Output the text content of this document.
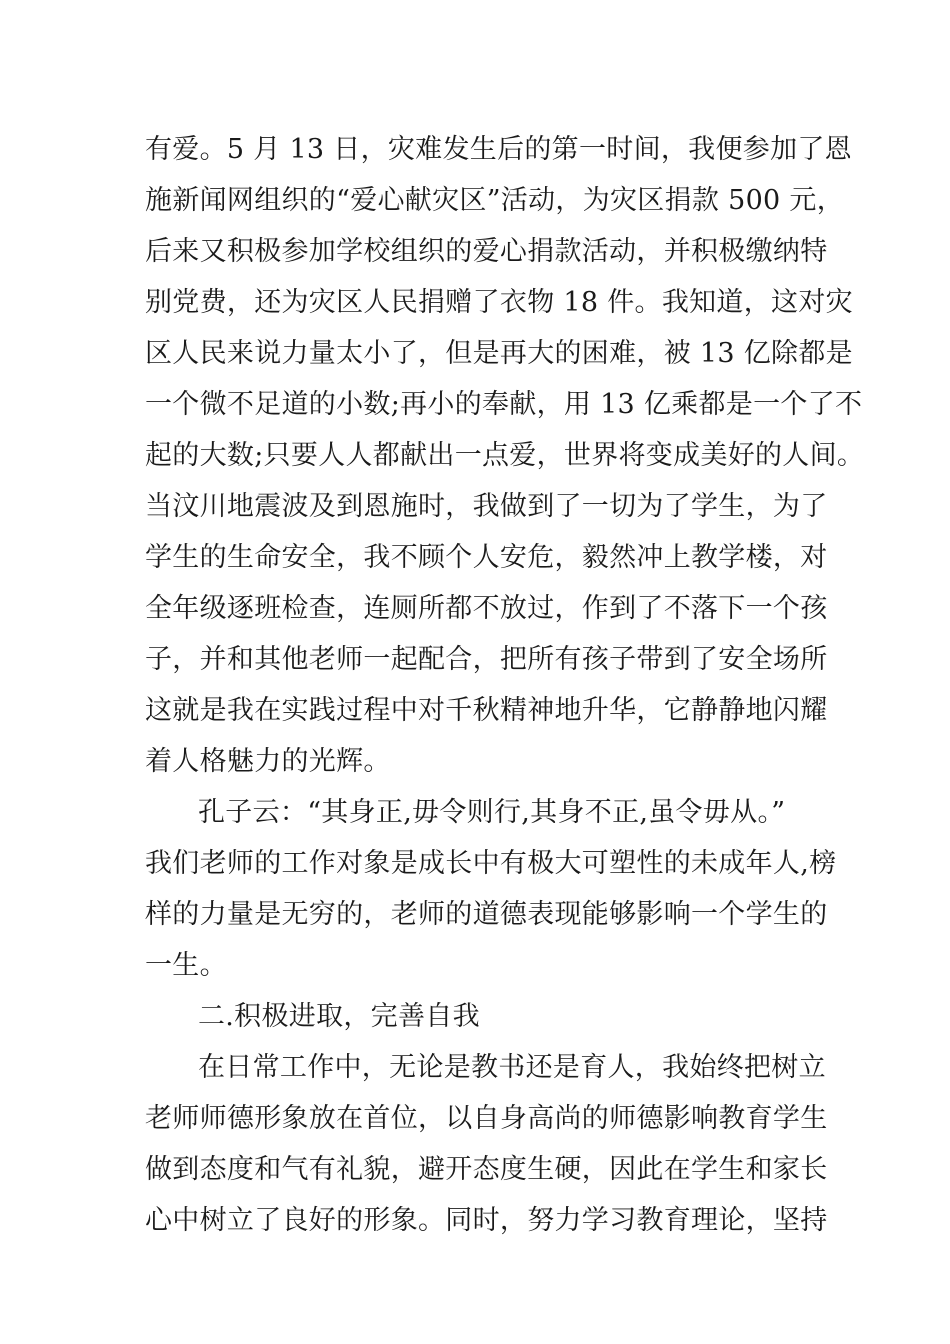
有爱。5 月 13 日，灾难发生后的第一时间，我便参加了恩
施新闻网组织的“爱心献灾区”活动，为灾区捐款 500 元，
后来又积极参加学校组织的爱心捐款活动，并积极缴纳特
别党费，还为灾区人民捐赠了衣物 18 件。我知道，这对灾
区人民来说力量太小了，但是再大的困难，被 13 亿除都是
一个微不足道的小数;再小的奉献，用 13 亿乘都是一个了不
起的大数;只要人人都献出一点爱，世界将变成美好的人间。
当汶川地震波及到恩施时，我做到了一切为了学生，为了
学生的生命安全，我不顾个人安危，毅然冲上教学楼，对
全年级逐班检查，连厕所都不放过，作到了不落下一个孩
子，并和其他老师一起配合，把所有孩子带到了安全场所
这就是我在实践过程中对千秋精神地升华，它静静地闪耀
着人格魅力的光辉。
孔子云：“其身正,毋令则行,其身不正,虽令毋从。”
我们老师的工作对象是成长中有极大可塑性的未成年人,榜
样的力量是无穷的，老师的道德表现能够影响一个学生的
一生。
二.积极进取，完善自我
在日常工作中，无论是教书还是育人，我始终把树立
老师师德形象放在首位，以自身高尚的师德影响教育学生
做到态度和气有礼貌，避开态度生硬，因此在学生和家长
心中树立了良好的形象。同时，努力学习教育理论，坚持
